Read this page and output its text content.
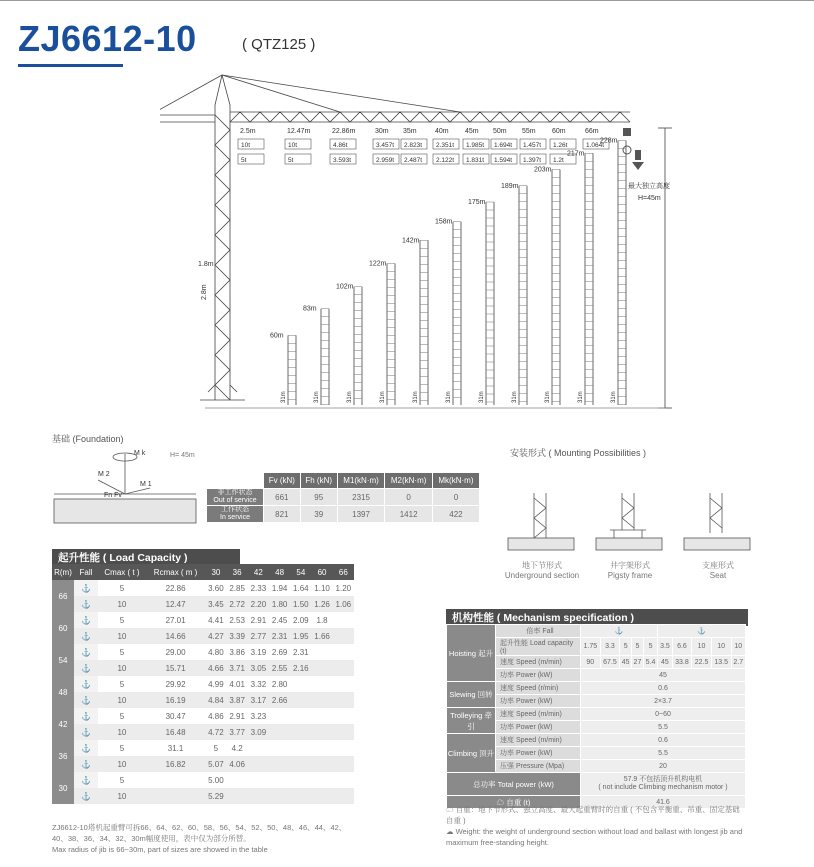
ZJ6612-10	( QTZ125 )
1.8m
2.8m
最大独立高度
H=45m
2.5m	12.47m	22.86m	30m 35m	40m 45m 50m 55m 60m	66m
10t	10t	4.86t	3.457t 2.823t 2.351t 1.985t 1.694t 1.457t 1.26t	1.064t
5t	5t	3.593t	2.959t 2.487t 2.122t 1.831t 1.594t 1.397t 1.2t
60m
31m
83m
31m
102m
31m
122m
31m
142m
31m
158m
31m
175m
31m
189m
31m
203m
31m
217m
31m
228m
31m
基础 (Foundation)
M k
M 2
M 1
Fn Fv
H= 45m
	Fv (kN)	Fh (kN)	M1(kN·m)	M2(kN·m)	Mk(kN·m)
非工作状态
Out of service	661	95	2315	0	0
工作状态
In service	821	39	1397	1412	422
安装形式 ( Mounting Possibilities )
地下节形式
Underground section
井字架形式
Pigsty frame
支座形式
Seat
起升性能 ( Load Capacity )
R(m)	Fall	Cmax ( t )	Rcmax ( m )	30	36	42	48	54	60	66
66	⚓	5	22.86	3.60	2.85	2.33	1.94	1.64	1.10	1.20
	⚓	10	12.47	3.45	2.72	2.20	1.80	1.50	1.26	1.06
60	⚓	5	27.01	4.41	2.53	2.91	2.45	2.09	1.8	
	⚓	10	14.66	4.27	3.39	2.77	2.31	1.95	1.66	
54	⚓	5	29.00	4.80	3.86	3.19	2.69	2.31		
	⚓	10	15.71	4.66	3.71	3.05	2.55	2.16		
48	⚓	5	29.92	4.99	4.01	3.32	2.80			
	⚓	10	16.19	4.84	3.87	3.17	2.66			
42	⚓	5	30.47	4.86	2.91	3.23				
	⚓	10	16.48	4.72	3.77	3.09				
36	⚓	5	31.1	5	4.2					
	⚓	10	16.82	5.07	4.06					
30	⚓	5		5.00						
	⚓	10		5.29						
ZJ6612-10塔机起重臂可拆66、64、62、60、58、56、54、52、50、48、46、44、42、40、38、36、34、32、30m幅度使用，表中仅为部分所替。
Max radius of jib is 66~30m, part of sizes are showed in the table
机构性能 ( Mechanism specification )
Hoisting 起升	倍率 Fall	⚓					⚓				
	起升性能 Load capacity (t)	1.75	3.3	5	5	5	3.5	6.6	10	10	10
	速度 Speed (m/min)	90	67.5	45	27	5.4	45	33.8	22.5	13.5	2.7
	功率 Power (kW)	45									
Slewing 回转	速度 Speed (r/min)	0.6									
	功率 Power (kW)	2×3.7									
Trolleying 牵引	速度 Speed (m/min)	0~60									
	功率 Power (kW)	5.5									
Climbing 顶升	速度 Speed (m/min)	0.6									
	功率 Power (kW)	5.5									
	压强 Pressure (Mpa)	20									
总功率 Total power (kW)		57.9 不包括顶升机构电机
( not include Climbing mechanism motor )									
☁ 自重 (t)		41.6									
☁ 自重：地下节形式、独立高度、最大起重臂时的自重 ( 不包含平衡重、吊重、固定基础自重 )
☁ Weight: the weight of underground section without load and ballast with longest jib and maximum free-standing height.
